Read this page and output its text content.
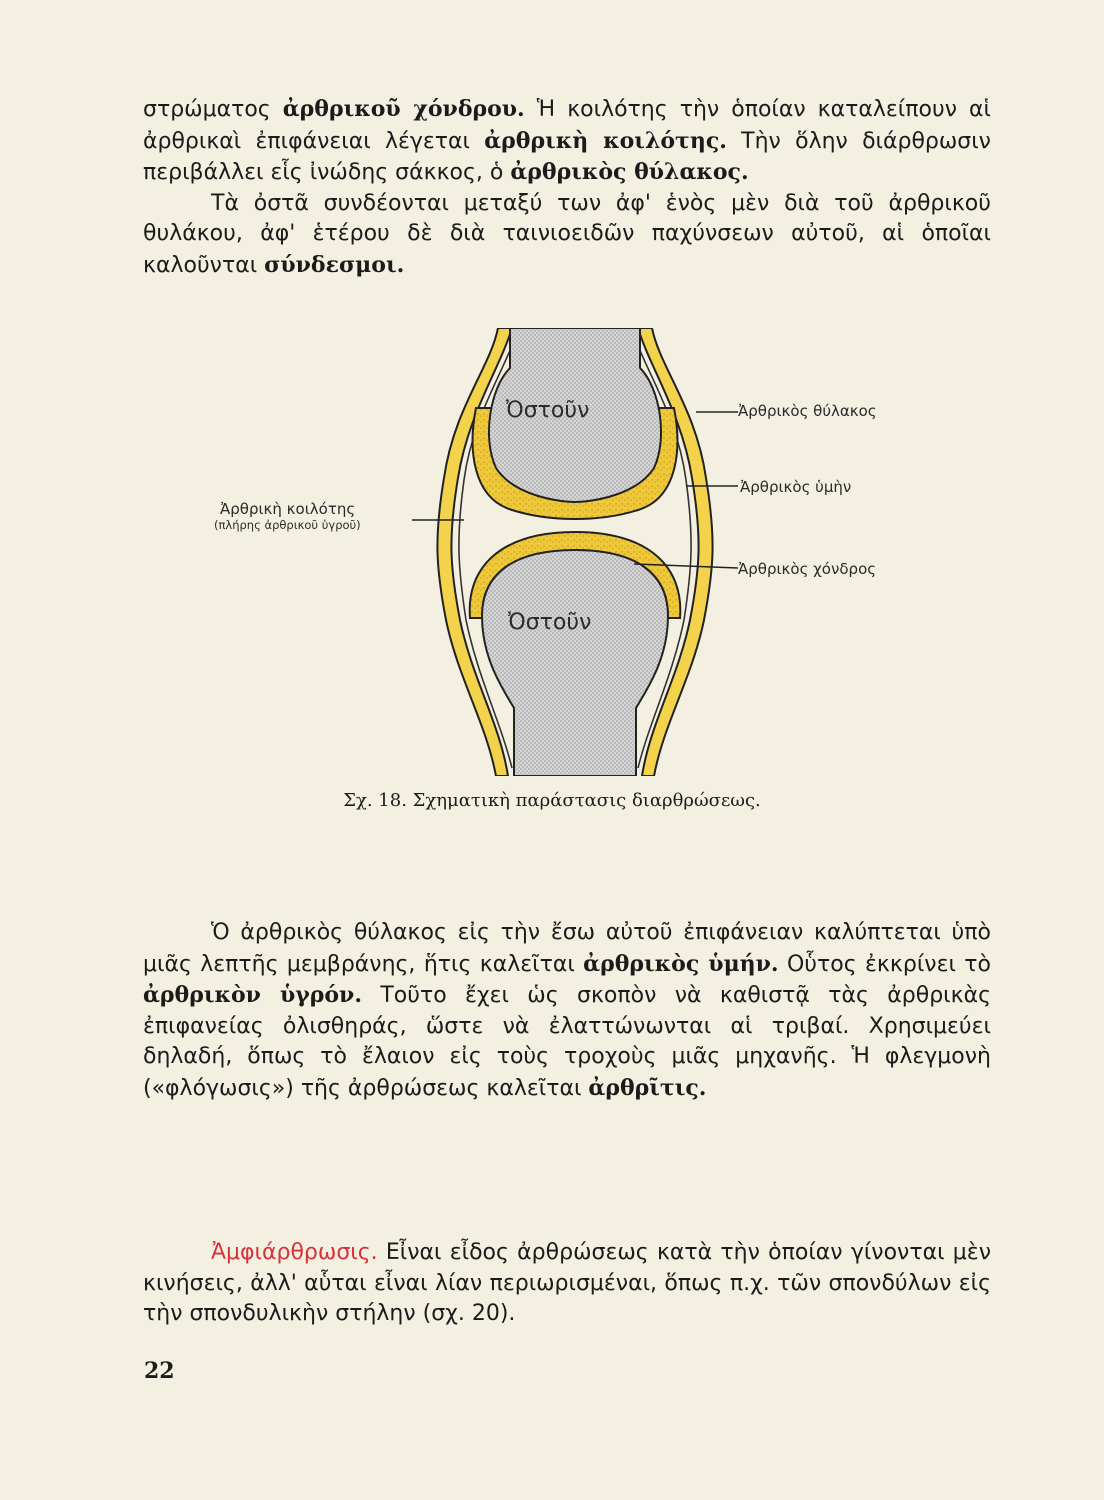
στρώματος ἀρθρικοῦ χόνδρου. Ἡ κοιλότης τὴν ὁποίαν καταλείπουν αἱ ἀρθρικαὶ ἐπιφάνειαι λέγεται ἀρθρικὴ κοιλότης. Τὴν ὅλην διάρθρωσιν περιβάλλει εἷς ἰνώδης σάκκος, ὁ ἀρθρικὸς θύλακος.

Τὰ ὀστᾶ συνδέονται μεταξύ των ἀφ' ἑνὸς μὲν διὰ τοῦ ἀρθρικοῦ θυλάκου, ἀφ' ἑτέρου δὲ διὰ ταινιοειδῶν παχύνσεων αὐτοῦ, αἱ ὁποῖαι καλοῦνται σύνδεσμοι.

Ὀστοῦν
Ὀστοῦν
Ἀρθρικὸς θύλακος
Ἀρθρικὸς ὑμὴν
Ἀρθρικὸς χόνδρος
Ἀρθρικὴ κοιλότης
(πλήρης ἀρθρικοῦ ὑγροῦ)
Σχ. 18. Σχηματικὴ παράστασις διαρθρώσεως.

Ὁ ἀρθρικὸς θύλακος εἰς τὴν ἔσω αὐτοῦ ἐπιφάνειαν καλύπτεται ὑπὸ μιᾶς λεπτῆς μεμβράνης, ἥτις καλεῖται ἀρθρικὸς ὑμήν. Οὗτος ἐκκρίνει τὸ ἀρθρικὸν ὑγρόν. Τοῦτο ἔχει ὡς σκοπὸν νὰ καθιστᾷ τὰς ἀρθρικὰς ἐπιφανείας ὀλισθηράς, ὥστε νὰ ἐλαττώνωνται αἱ τριβαί. Χρησιμεύει δηλαδή, ὅπως τὸ ἔλαιον εἰς τοὺς τροχοὺς μιᾶς μηχανῆς. Ἡ φλεγμονὴ («φλόγωσις») τῆς ἀρθρώσεως καλεῖται ἀρθρῖτις.

Ἀμφιάρθρωσις. Εἶναι εἶδος ἀρθρώσεως κατὰ τὴν ὁποίαν γίνονται μὲν κινήσεις, ἀλλ' αὗται εἶναι λίαν περιωρισμέναι, ὅπως π.χ. τῶν σπονδύλων εἰς τὴν σπονδυλικὴν στήλην (σχ. 20).

22
